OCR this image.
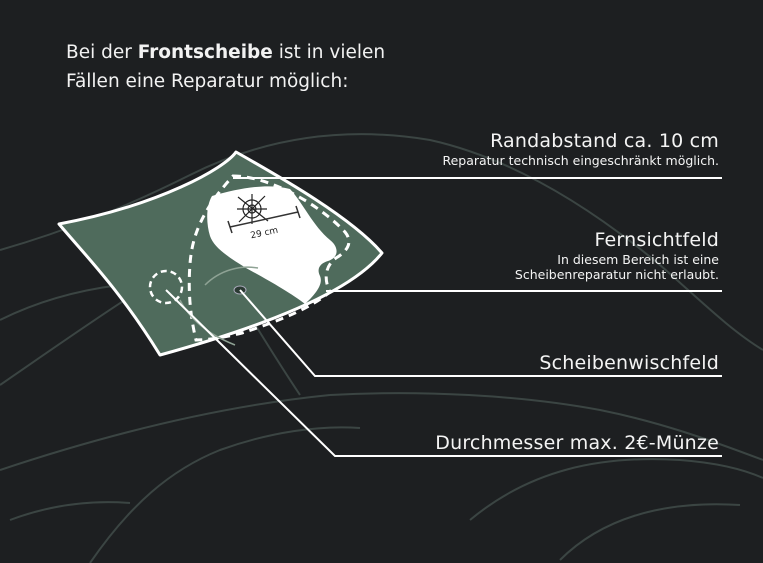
29 cm
Bei der Frontscheibe ist in vielen
Fällen eine Reparatur möglich:
Randabstand ca. 10 cm
Reparatur technisch eingeschränkt möglich.
Fernsichtfeld
In diesem Bereich ist eine
Scheibenreparatur nicht erlaubt.
Scheibenwischfeld
Durchmesser max. 2€-Münze
